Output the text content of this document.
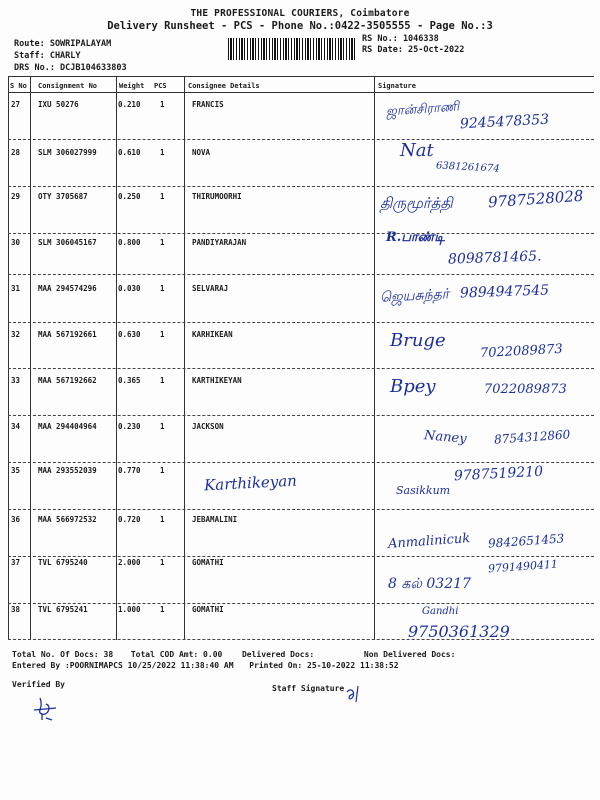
THE PROFESSIONAL COURIERS, Coimbatore
Delivery Runsheet - PCS - Phone No.:0422-3505555 - Page No.:3
Route: SOWRIPALAYAM
Staff: CHARLY
DRS No.: DCJB104633803
RS No.: 1046338
RS Date: 25-Oct-2022
S No Consignment No	Weight PCS	Consignee Details	Signature
27 IXU 50276	0.210	1	FRANCIS	ஜான்சிராணி
9245478353
28 SLM 306027999	0.610	1	NOVA	Nat
6381261674
29 OTY 3705687	0.250	1	THIRUMOORHI	திருமூர்த்தி 9787528028
30 SLM 306045167	0.800	1	PANDIYARAJAN	R.பாண்டி
8098781465.
31 MAA 294574296	0.030	1	SELVARAJ	ஜெயசுந்தர் 9894947545
32 MAA 567192661	0.630	1	KARHIKEAN	Bruge
7022089873
33 MAA 567192662	0.365	1	KARTHIKEYAN	Bpey	7022089873
34 MAA 294404964	0.230	1	JACKSON
Naney 8754312860
35 MAA 293552039	0.770	1
Karthikeyan	9787519210
Sasikkum
36 MAA 566972532	0.720	1	JEBAMALINI
Anmalinicuk 9842651453
37 TVL 6795240	2.000	1	GOMATHI
8 கல் 03217
9791490411
38 TVL 6795241	1.000	1	GOMATHI	Gandhi
9750361329
Total No. Of Docs: 38 Total COD Amt: 0.00 Delivered Docs:	Non Delivered Docs:
Entered By :POORNIMAPCS 10/25/2022 11:38:40 AM Printed On: 25-10-2022 11:38:52
Verified By	Staff Signature
